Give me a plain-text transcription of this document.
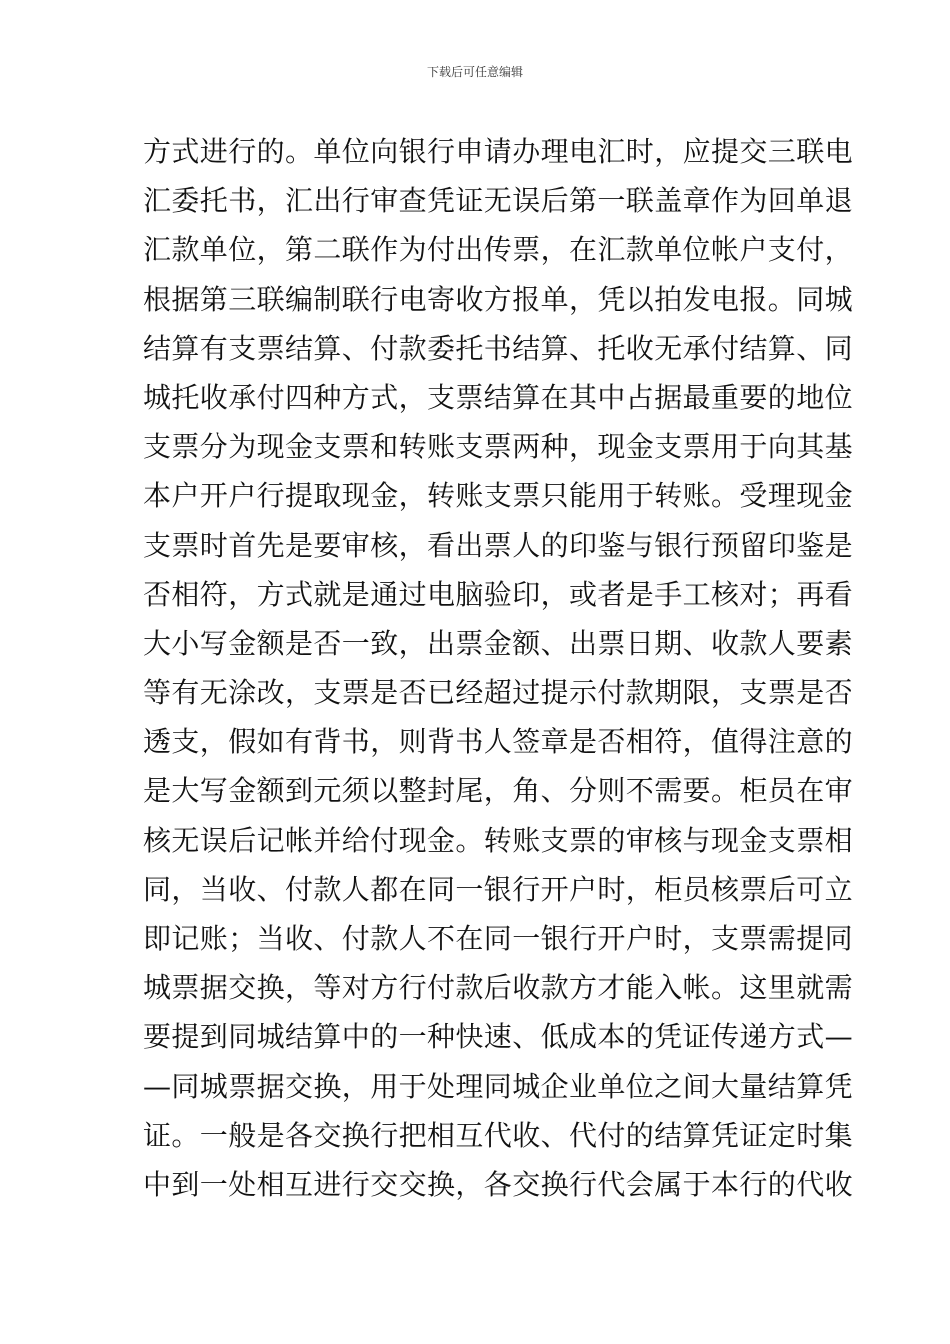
下载后可任意编辑
方式进行的。单位向银行申请办理电汇时，应提交三联电
汇委托书，汇出行审查凭证无误后第一联盖章作为回单退
汇款单位，第二联作为付出传票，在汇款单位帐户支付，
根据第三联编制联行电寄收方报单，凭以拍发电报。同城
结算有支票结算、付款委托书结算、托收无承付结算、同
城托收承付四种方式，支票结算在其中占据最重要的地位
支票分为现金支票和转账支票两种，现金支票用于向其基
本户开户行提取现金，转账支票只能用于转账。受理现金
支票时首先是要审核，看出票人的印鉴与银行预留印鉴是
否相符，方式就是通过电脑验印，或者是手工核对；再看
大小写金额是否一致，出票金额、出票日期、收款人要素
等有无涂改，支票是否已经超过提示付款期限，支票是否
透支，假如有背书，则背书人签章是否相符，值得注意的
是大写金额到元须以整封尾，角、分则不需要。柜员在审
核无误后记帐并给付现金。转账支票的审核与现金支票相
同，当收、付款人都在同一银行开户时，柜员核票后可立
即记账；当收、付款人不在同一银行开户时，支票需提同
城票据交换，等对方行付款后收款方才能入帐。这里就需
要提到同城结算中的一种快速、低成本的凭证传递方式—
—同城票据交换，用于处理同城企业单位之间大量结算凭
证。一般是各交换行把相互代收、代付的结算凭证定时集
中到一处相互进行交交换，各交换行代会属于本行的代收
